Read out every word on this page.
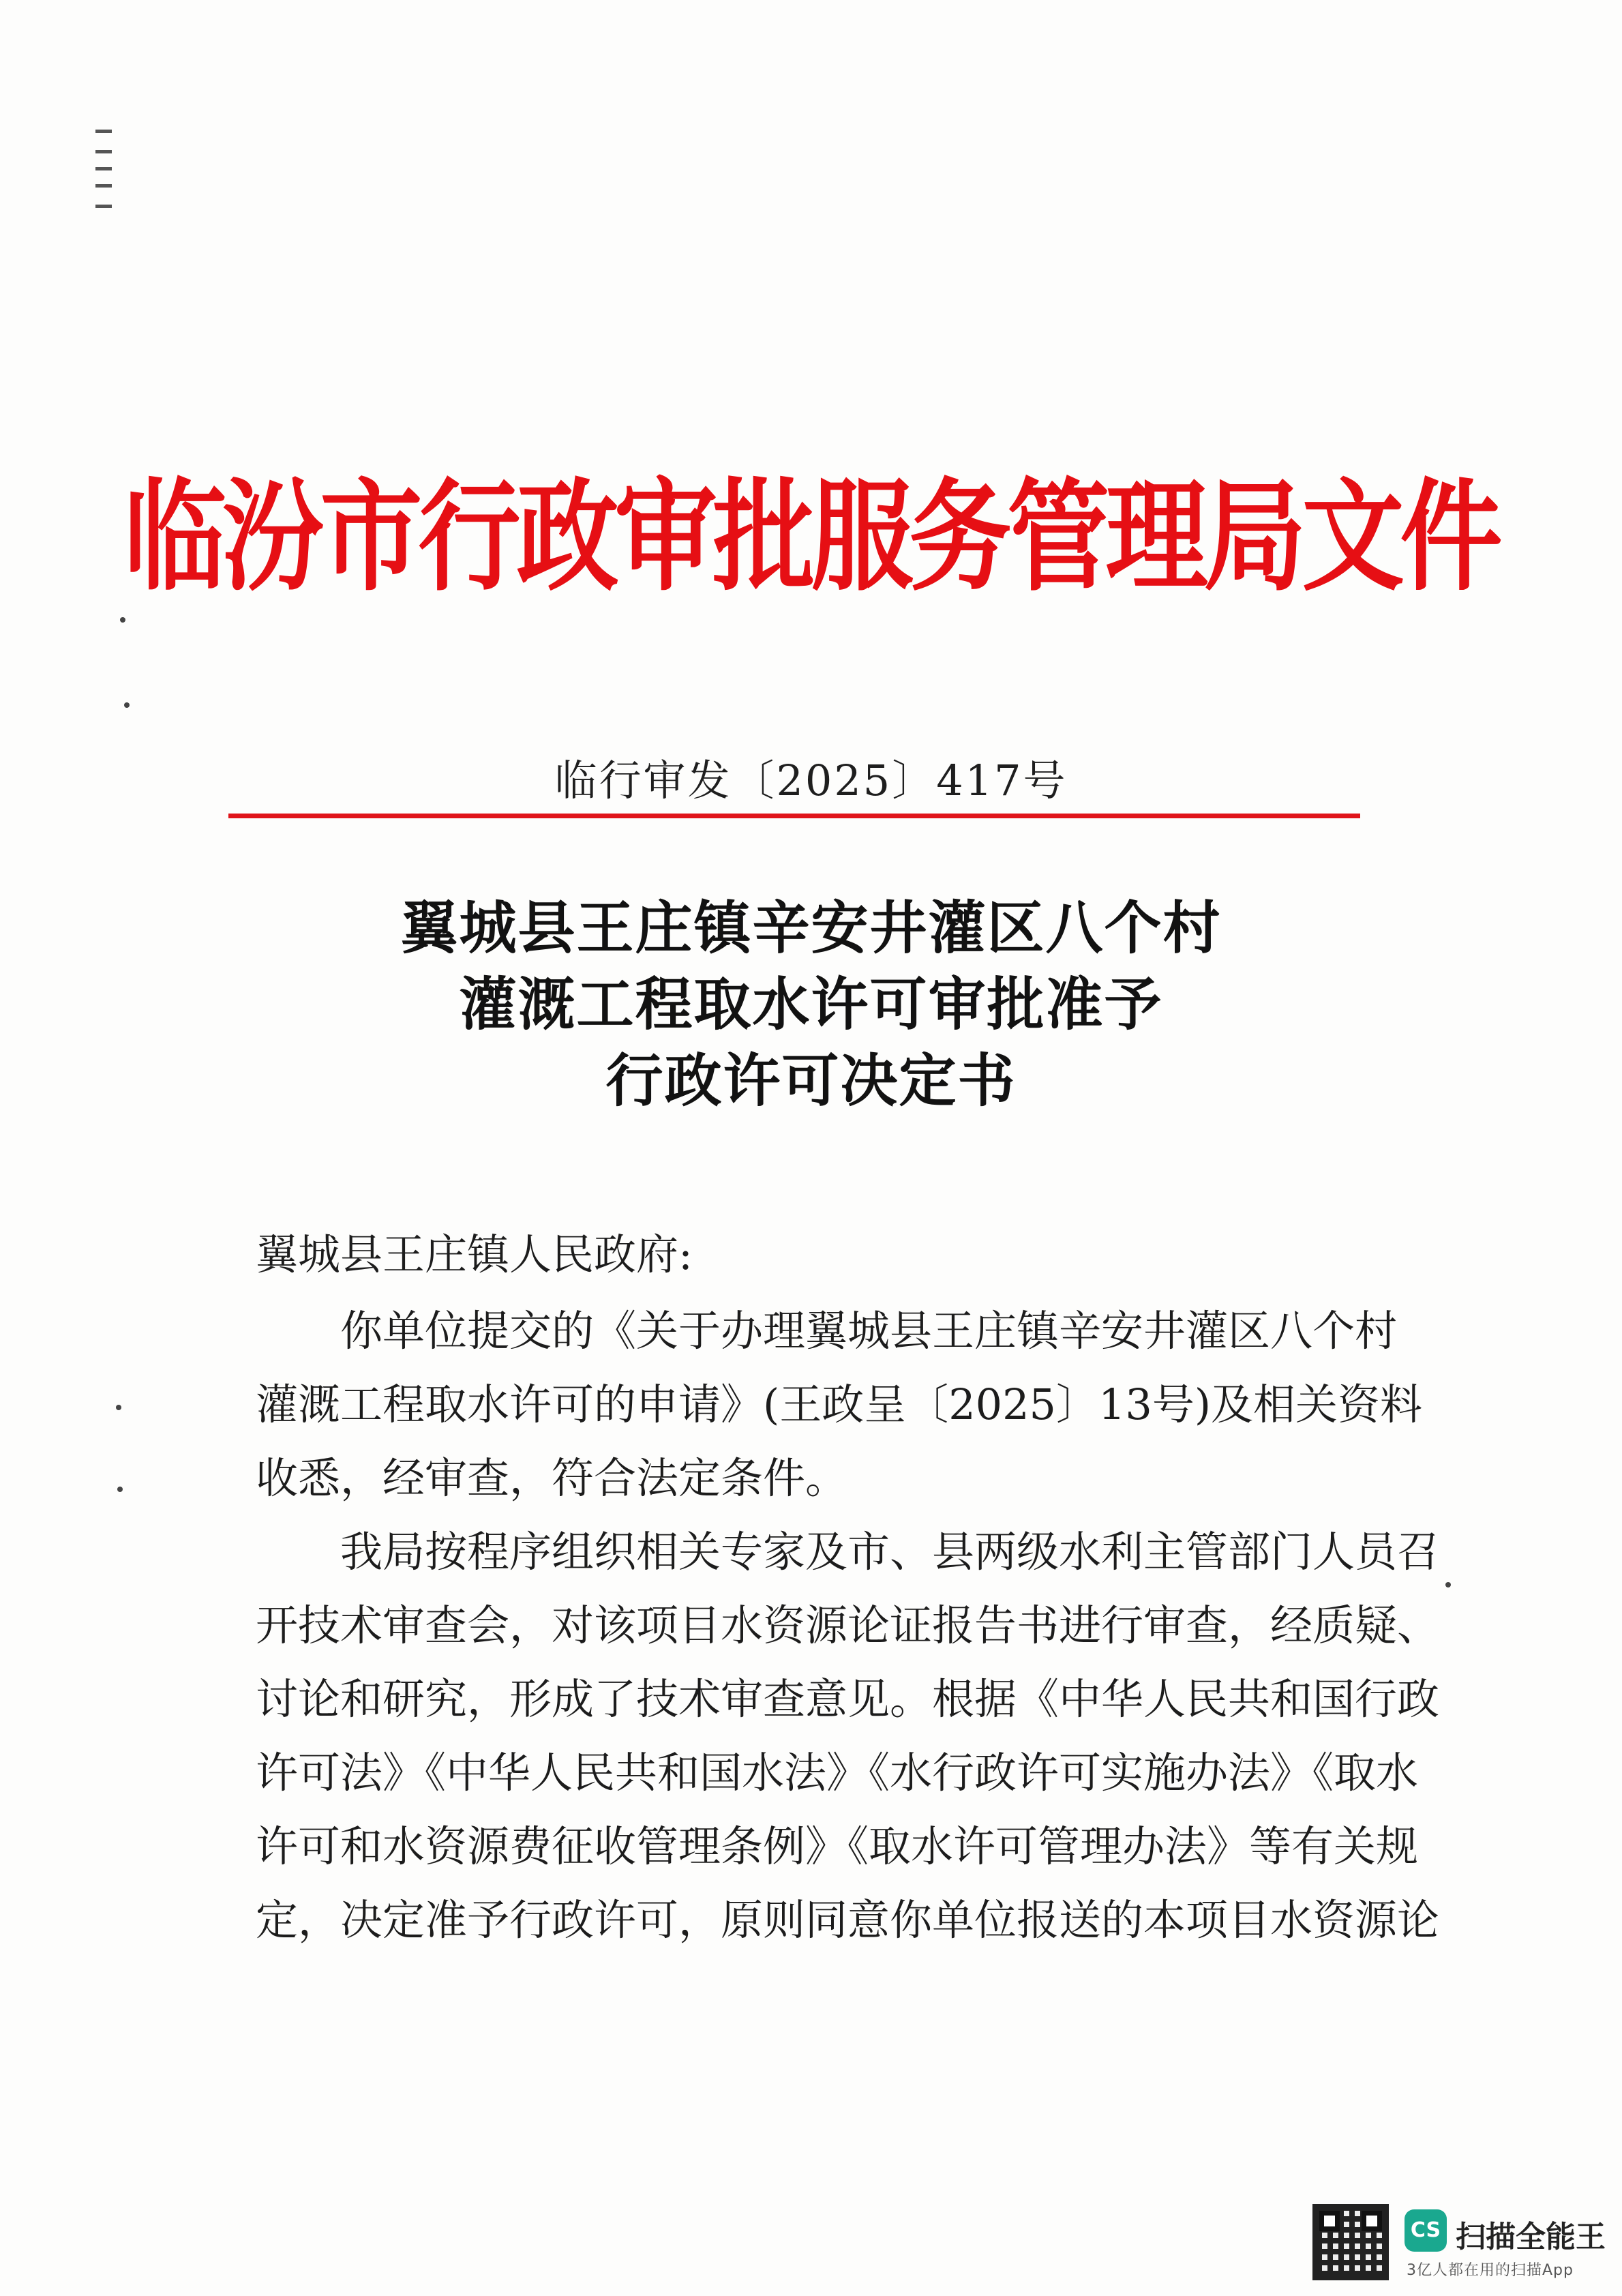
临汾市行政审批服务管理局文件
临行审发〔2025〕417号
翼城县王庄镇辛安井灌区八个村
灌溉工程取水许可审批准予
行政许可决定书
翼城县王庄镇人民政府:
　　你单位提交的《关于办理翼城县王庄镇辛安井灌区八个村
灌溉工程取水许可的申请》(王政呈〔2025〕13号)及相关资料
收悉，经审查，符合法定条件。
　　我局按程序组织相关专家及市、县两级水利主管部门人员召
开技术审查会，对该项目水资源论证报告书进行审查，经质疑、
讨论和研究，形成了技术审查意见。根据《中华人民共和国行政
许可法》《中华人民共和国水法》《水行政许可实施办法》《取水
许可和水资源费征收管理条例》《取水许可管理办法》等有关规
定，决定准予行政许可，原则同意你单位报送的本项目水资源论
CS 扫描全能王
3亿人都在用的扫描App
